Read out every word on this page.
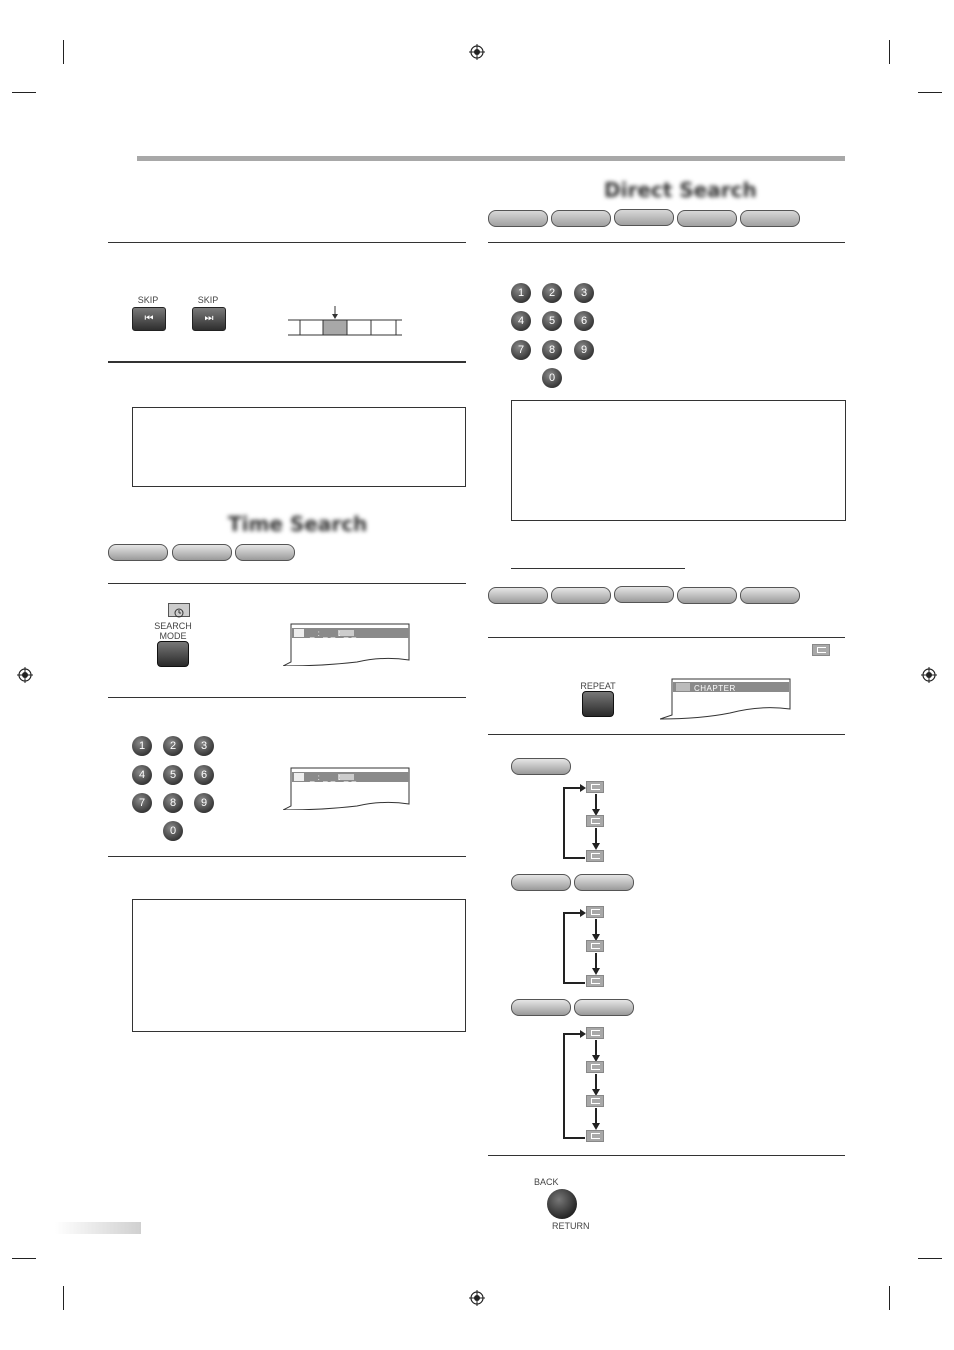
SKIP
⏮
SKIP
⏭
Time Search
SEARCH
MODE	_ : _ _ : _ _
1	2	3
4	5	6
7	8	9
0
_ : _ _ : _ _
Direct Search
1	2	3
4	5	6
7	8	9
0
REPEAT	CHAPTER
BACK
RETURN
